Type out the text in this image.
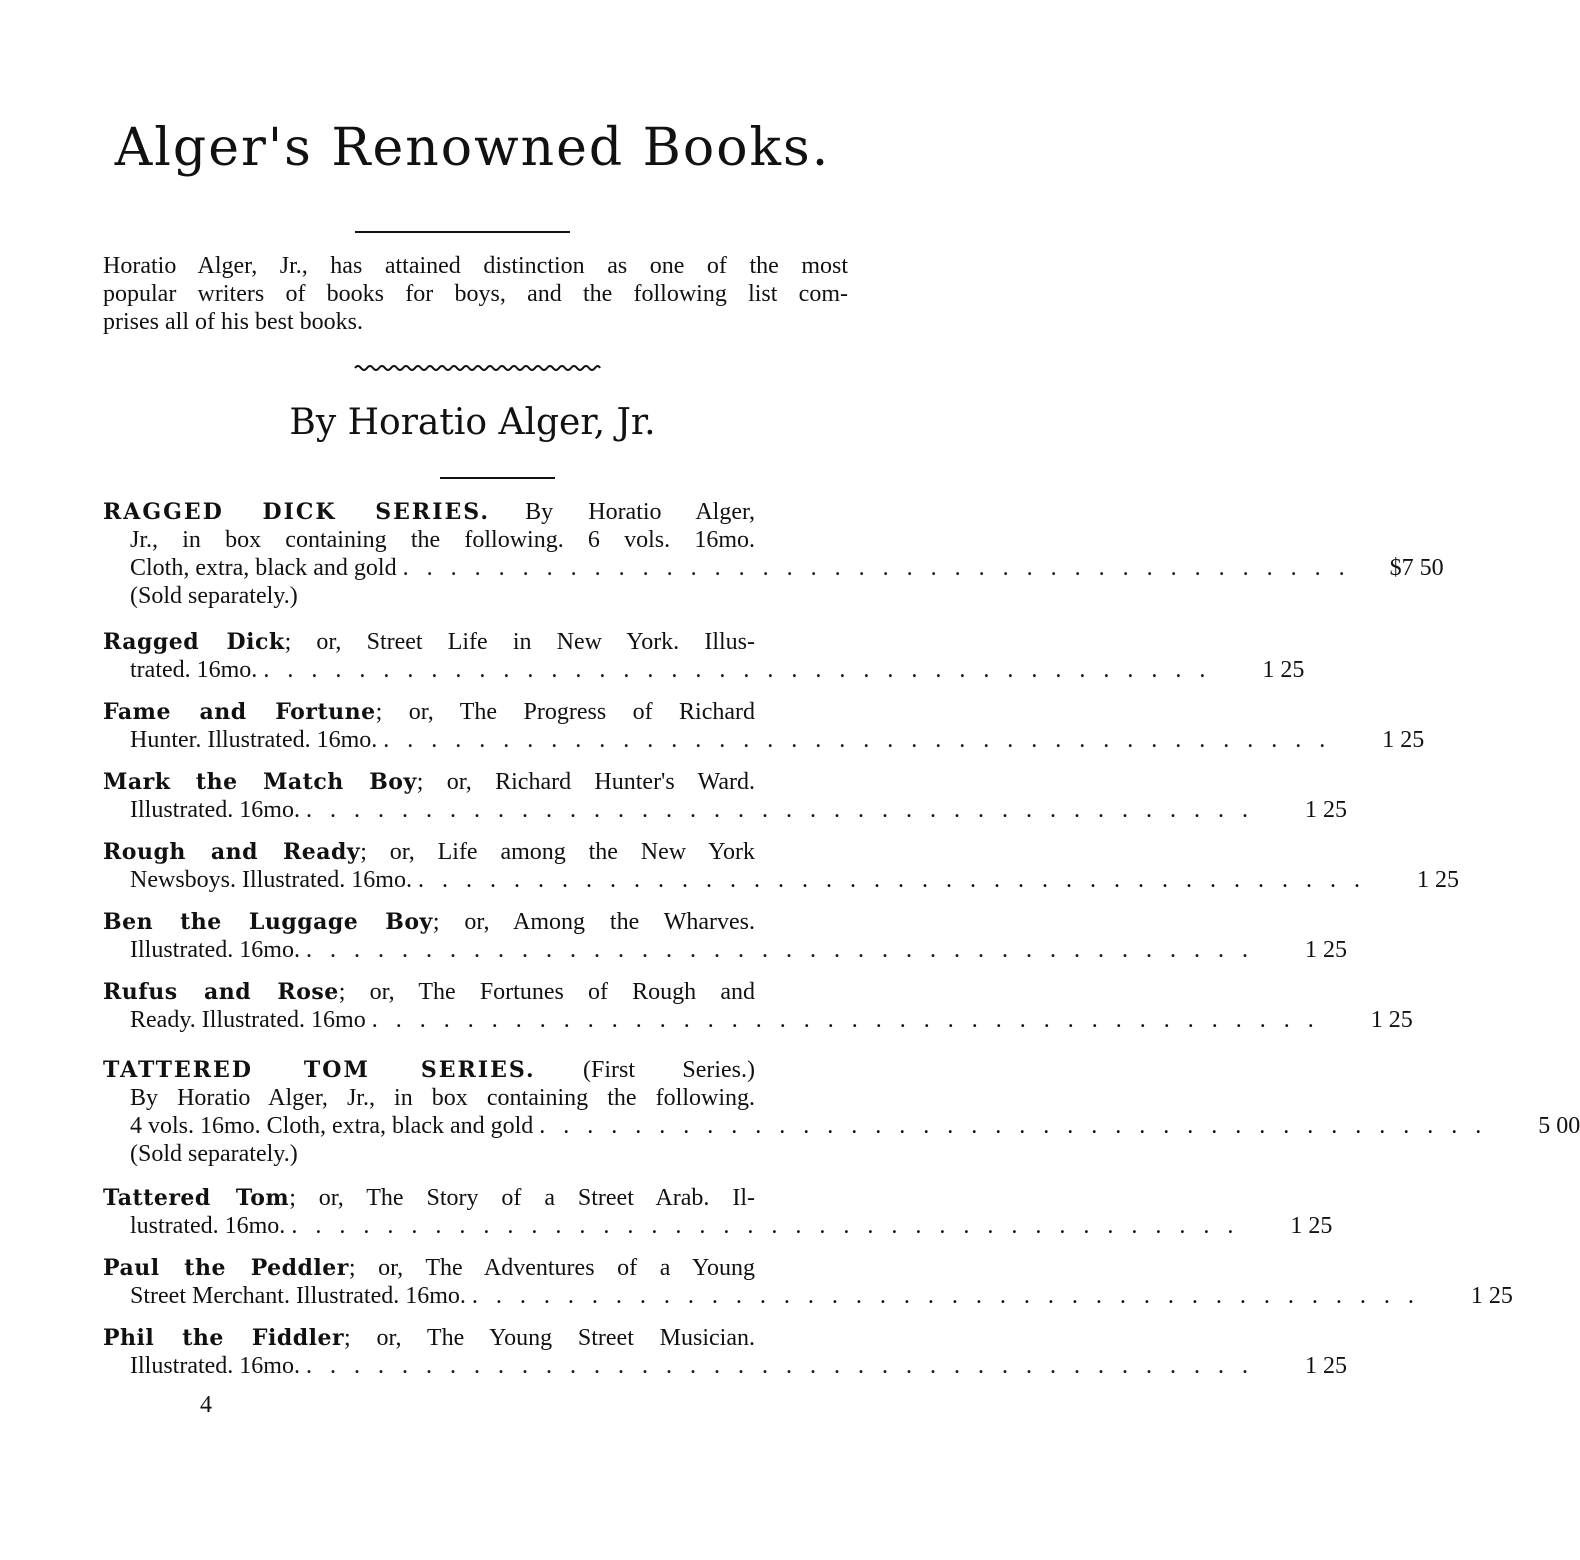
Alger's Renowned Books.
Horatio Alger, Jr., has attained distinction as one of the most
popular writers of books for boys, and the following list com-
prises all of his best books.
By Horatio Alger, Jr.
RAGGED DICK SERIES. By Horatio Alger,
Jr., in box containing the following. 6 vols. 16mo.
Cloth, extra, black and gold . . . . . . . . . . . . . . . . . . . . . . . . . . . . . . . . . . . . . . . .	$7 50
(Sold separately.)
Ragged Dick; or, Street Life in New York. Illus-
trated. 16mo. . . . . . . . . . . . . . . . . . . . . . . . . . . . . . . . . . . . . . . . .	1 25
Fame and Fortune; or, The Progress of Richard
Hunter. Illustrated. 16mo. . . . . . . . . . . . . . . . . . . . . . . . . . . . . . . . . . . . . . . . .	1 25
Mark the Match Boy; or, Richard Hunter's Ward.
Illustrated. 16mo. . . . . . . . . . . . . . . . . . . . . . . . . . . . . . . . . . . . . . . . .	1 25
Rough and Ready; or, Life among the New York
Newsboys. Illustrated. 16mo. . . . . . . . . . . . . . . . . . . . . . . . . . . . . . . . . . . . . . . . .	1 25
Ben the Luggage Boy; or, Among the Wharves.
Illustrated. 16mo. . . . . . . . . . . . . . . . . . . . . . . . . . . . . . . . . . . . . . . . .	1 25
Rufus and Rose; or, The Fortunes of Rough and
Ready. Illustrated. 16mo . . . . . . . . . . . . . . . . . . . . . . . . . . . . . . . . . . . . . . . .	1 25
TATTERED TOM SERIES. (First Series.)
By Horatio Alger, Jr., in box containing the following.
4 vols. 16mo. Cloth, extra, black and gold . . . . . . . . . . . . . . . . . . . . . . . . . . . . . . . . . . . . . . . .	5 00
(Sold separately.)
Tattered Tom; or, The Story of a Street Arab. Il-
lustrated. 16mo. . . . . . . . . . . . . . . . . . . . . . . . . . . . . . . . . . . . . . . . .	1 25
Paul the Peddler; or, The Adventures of a Young
Street Merchant. Illustrated. 16mo. . . . . . . . . . . . . . . . . . . . . . . . . . . . . . . . . . . . . . . . .	1 25
Phil the Fiddler; or, The Young Street Musician.
Illustrated. 16mo. . . . . . . . . . . . . . . . . . . . . . . . . . . . . . . . . . . . . . . . .	1 25
4
